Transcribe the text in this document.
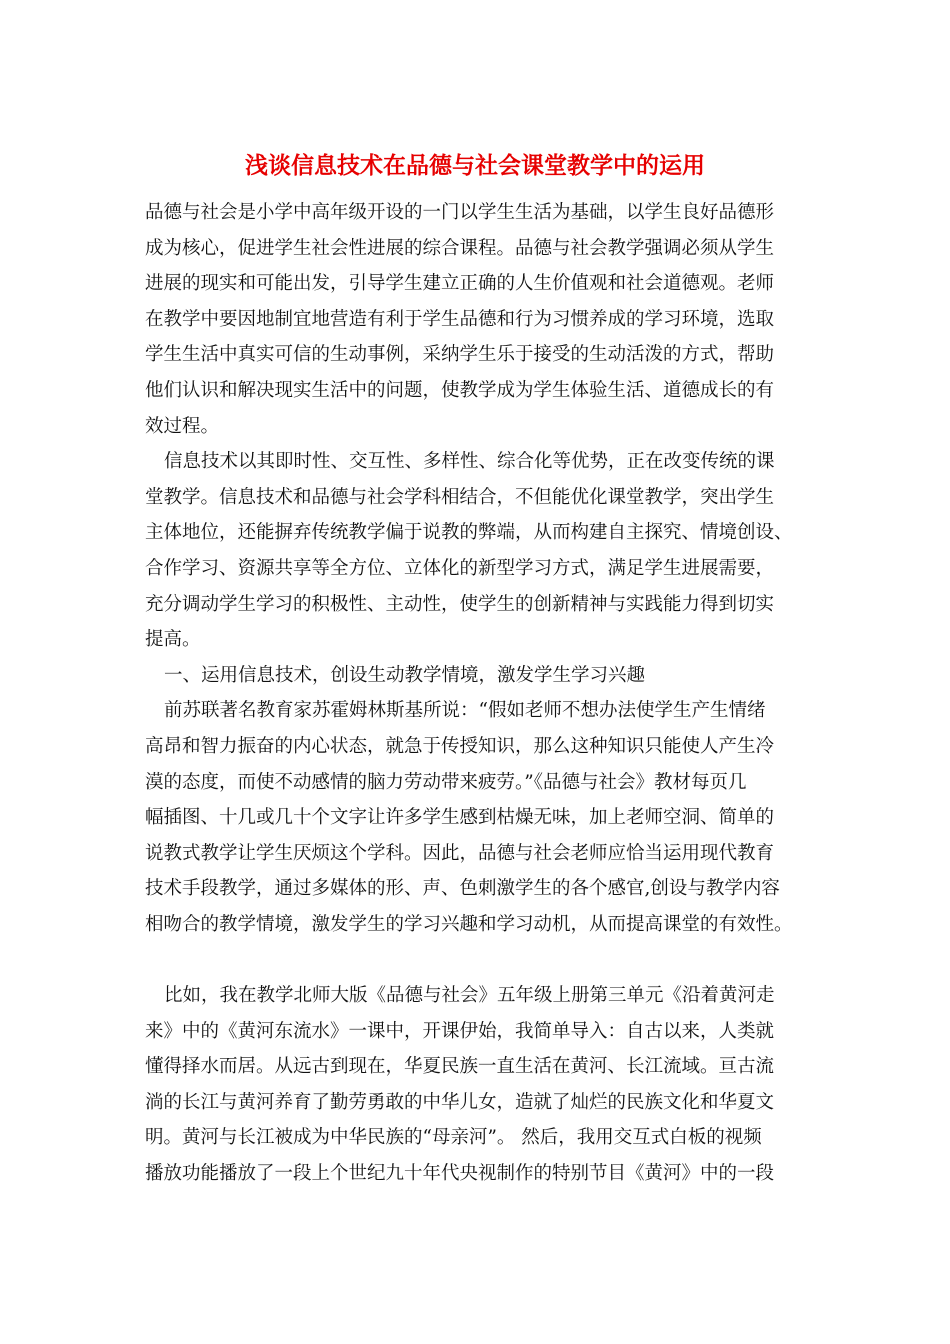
浅谈信息技术在品德与社会课堂教学中的运用
品德与社会是小学中高年级开设的一门以学生生活为基础，以学生良好品德形
成为核心，促进学生社会性进展的综合课程。品德与社会教学强调必须从学生
进展的现实和可能出发，引导学生建立正确的人生价值观和社会道德观。老师
在教学中要因地制宜地营造有利于学生品德和行为习惯养成的学习环境，选取
学生生活中真实可信的生动事例，采纳学生乐于接受的生动活泼的方式，帮助
他们认识和解决现实生活中的问题，使教学成为学生体验生活、道德成长的有
效过程。
信息技术以其即时性、交互性、多样性、综合化等优势，正在改变传统的课
堂教学。信息技术和品德与社会学科相结合，不但能优化课堂教学，突出学生
主体地位，还能摒弃传统教学偏于说教的弊端，从而构建自主探究、情境创设、
合作学习、资源共享等全方位、立体化的新型学习方式，满足学生进展需要，
充分调动学生学习的积极性、主动性，使学生的创新精神与实践能力得到切实
提高。
一、运用信息技术，创设生动教学情境，激发学生学习兴趣
前苏联著名教育家苏霍姆林斯基所说：“假如老师不想办法使学生产生情绪
高昂和智力振奋的内心状态，就急于传授知识，那么这种知识只能使人产生冷
漠的态度，而使不动感情的脑力劳动带来疲劳。”《品德与社会》教材每页几
幅插图、十几或几十个文字让许多学生感到枯燥无味，加上老师空洞、简单的
说教式教学让学生厌烦这个学科。因此，品德与社会老师应恰当运用现代教育
技术手段教学，通过多媒体的形、声、色刺激学生的各个感官,创设与教学内容
相吻合的教学情境，激发学生的学习兴趣和学习动机，从而提高课堂的有效性。
比如，我在教学北师大版《品德与社会》五年级上册第三单元《沿着黄河走
来》中的《黄河东流水》一课中，开课伊始，我简单导入：自古以来，人类就
懂得择水而居。从远古到现在，华夏民族一直生活在黄河、长江流域。亘古流
淌的长江与黄河养育了勤劳勇敢的中华儿女，造就了灿烂的民族文化和华夏文
明。黄河与长江被成为中华民族的“母亲河”。 然后，我用交互式白板的视频
播放功能播放了一段上个世纪九十年代央视制作的特别节目《黄河》中的一段
